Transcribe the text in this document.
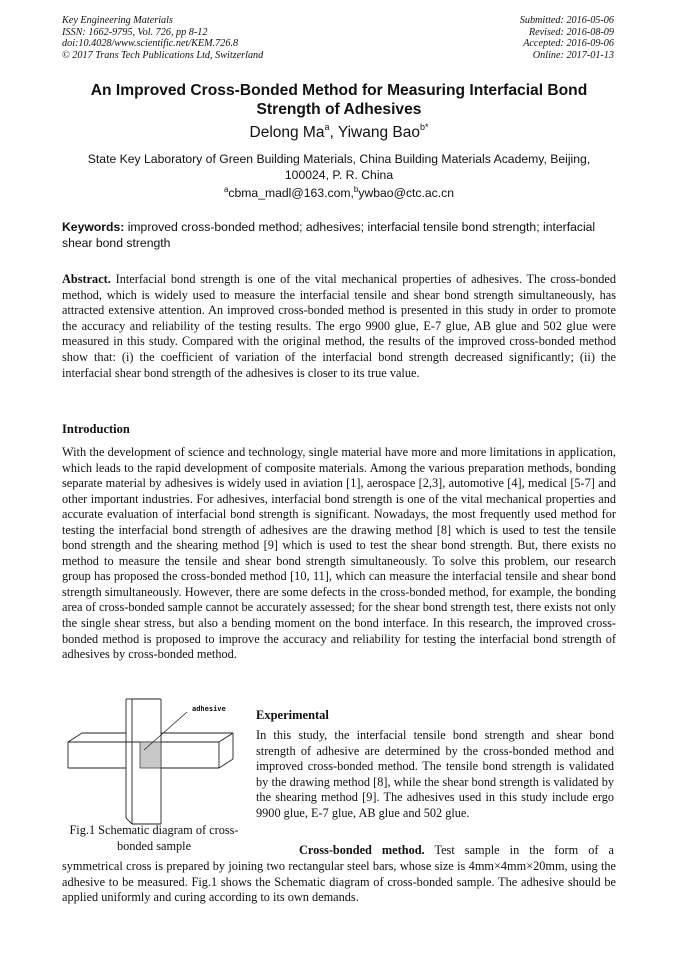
Key Engineering Materials
ISSN: 1662-9795, Vol. 726, pp 8-12
doi:10.4028/www.scientific.net/KEM.726.8
© 2017 Trans Tech Publications Ltd, Switzerland
Submitted: 2016-05-06
Revised: 2016-08-09
Accepted: 2016-09-06
Online: 2017-01-13
An Improved Cross-Bonded Method for Measuring Interfacial Bond Strength of Adhesives
Delong Ma$^a$, Yiwang Bao$^{b*}$
State Key Laboratory of Green Building Materials, China Building Materials Academy, Beijing, 100024, P. R. China
$^a$cbma_madl@163.com,$^b$ywbao@ctc.ac.cn
Keywords: improved cross-bonded method; adhesives; interfacial tensile bond strength; interfacial shear bond strength
Abstract. Interfacial bond strength is one of the vital mechanical properties of adhesives. The cross-bonded method, which is widely used to measure the interfacial tensile and shear bond strength simultaneously, has attracted extensive attention. An improved cross-bonded method is presented in this study in order to promote the accuracy and reliability of the testing results. The ergo 9900 glue, E-7 glue, AB glue and 502 glue were measured in this study. Compared with the original method, the results of the improved cross-bonded method show that: (i) the coefficient of variation of the interfacial bond strength decreased significantly; (ii) the interfacial shear bond strength of the adhesives is closer to its true value.
Introduction
With the development of science and technology, single material have more and more limitations in application, which leads to the rapid development of composite materials. Among the various preparation methods, bonding separate material by adhesives is widely used in aviation [1], aerospace [2,3], automotive [4], medical [5-7] and other important industries. For adhesives, interfacial bond strength is one of the vital mechanical properties and accurate evaluation of interfacial bond strength is significant. Nowadays, the most frequently used method for testing the interfacial bond strength of adhesives are the drawing method [8] which is used to test the tensile bond strength and the shearing method [9] which is used to test the shear bond strength. But, there exists no method to measure the tensile and shear bond strength simultaneously. To solve this problem, our research group has proposed the cross-bonded method [10, 11], which can measure the interfacial tensile and shear bond strength simultaneously. However, there are some defects in the cross-bonded method, for example, the bonding area of cross-bonded sample cannot be accurately assessed; for the shear bond strength test, there exists not only the single shear stress, but also a bending moment on the bond interface. In this research, the improved cross-bonded method is proposed to improve the accuracy and reliability for testing the interfacial bond strength of adhesives by cross-bonded method.
adhesive
Fig.1 Schematic diagram of cross-bonded sample
Experimental
In this study, the interfacial tensile bond strength and shear bond strength of adhesive are determined by the cross-bonded method and improved cross-bonded method. The tensile bond strength is validated by the drawing method [8], while the shear bond strength is validated by the shearing method [9]. The adhesives used in this study include ergo 9900 glue, E-7 glue, AB glue and 502 glue.
Cross-bonded method. Test sample in the form of a
symmetrical cross is prepared by joining two rectangular steel bars, whose size is 4mm×4mm×20mm, using the adhesive to be measured. Fig.1 shows the Schematic diagram of cross-bonded sample. The adhesive should be applied uniformly and curing according to its own demands.
